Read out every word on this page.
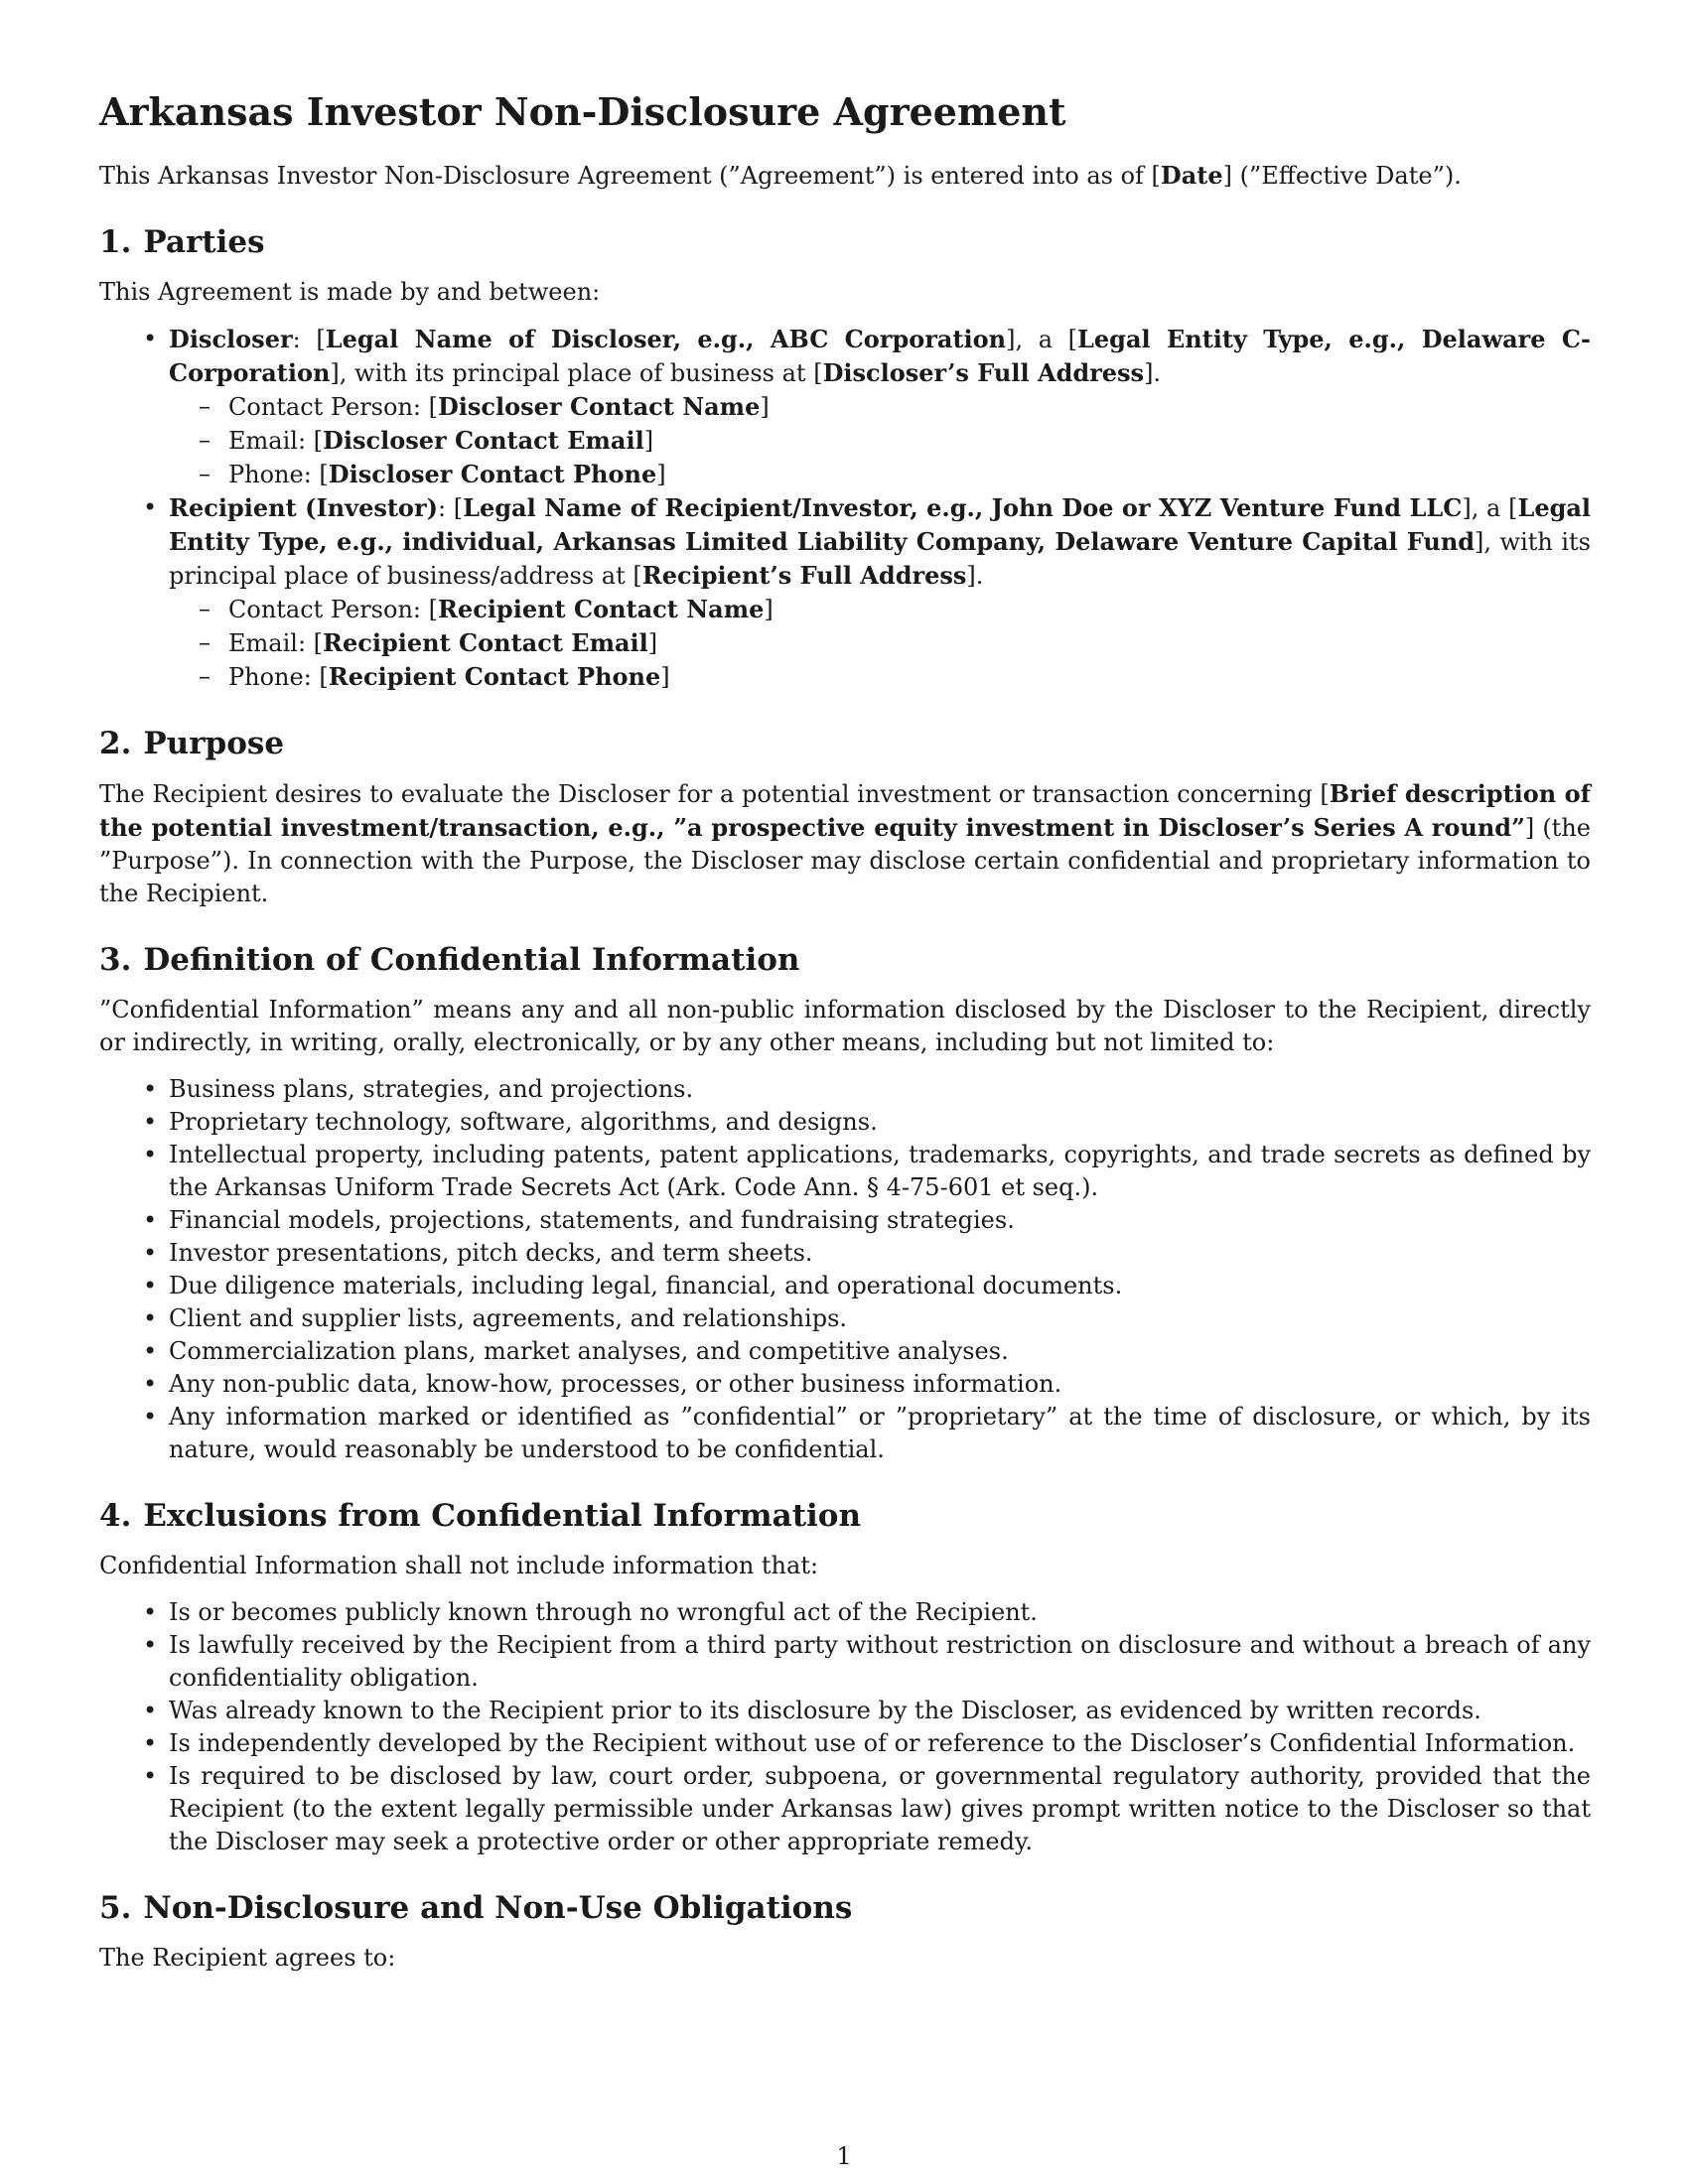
Arkansas Investor Non-Disclosure Agreement

This Arkansas Investor Non-Disclosure Agreement (”Agreement”) is entered into as of [Date] (”Effective Date”).

1. Parties

This Agreement is made by and between:

• Discloser: [Legal Name of Discloser, e.g., ABC Corporation], a [Legal Entity Type, e.g., Delaware C-Corporation], with its principal place of business at [Discloser’s Full Address].
– Contact Person: [Discloser Contact Name]
– Email: [Discloser Contact Email]
– Phone: [Discloser Contact Phone]
• Recipient (Investor): [Legal Name of Recipient/Investor, e.g., John Doe or XYZ Venture Fund LLC], a [Legal Entity Type, e.g., individual, Arkansas Limited Liability Company, Delaware Venture Capital Fund], with its principal place of business/address at [Recipient’s Full Address].
– Contact Person: [Recipient Contact Name]
– Email: [Recipient Contact Email]
– Phone: [Recipient Contact Phone]
2. Purpose

The Recipient desires to evaluate the Discloser for a potential investment or transaction concerning [Brief description of the potential investment/transaction, e.g., ”a prospective equity investment in Discloser’s Series A round”] (the ”Purpose”). In connection with the Purpose, the Discloser may disclose certain confidential and proprietary information to the Recipient.

3. Definition of Confidential Information

”Confidential Information” means any and all non-public information disclosed by the Discloser to the Recipient, directly or indirectly, in writing, orally, electronically, or by any other means, including but not limited to:

• Business plans, strategies, and projections.
• Proprietary technology, software, algorithms, and designs.
• Intellectual property, including patents, patent applications, trademarks, copyrights, and trade secrets as defined by the Arkansas Uniform Trade Secrets Act (Ark. Code Ann. § 4-75-601 et seq.).
• Financial models, projections, statements, and fundraising strategies.
• Investor presentations, pitch decks, and term sheets.
• Due diligence materials, including legal, financial, and operational documents.
• Client and supplier lists, agreements, and relationships.
• Commercialization plans, market analyses, and competitive analyses.
• Any non-public data, know-how, processes, or other business information.
• Any information marked or identified as ”confidential” or ”proprietary” at the time of disclosure, or which, by its nature, would reasonably be understood to be confidential.
4. Exclusions from Confidential Information

Confidential Information shall not include information that:

• Is or becomes publicly known through no wrongful act of the Recipient.
• Is lawfully received by the Recipient from a third party without restriction on disclosure and without a breach of any confidentiality obligation.
• Was already known to the Recipient prior to its disclosure by the Discloser, as evidenced by written records.
• Is independently developed by the Recipient without use of or reference to the Discloser’s Confidential Information.
• Is required to be disclosed by law, court order, subpoena, or governmental regulatory authority, provided that the Recipient (to the extent legally permissible under Arkansas law) gives prompt written notice to the Discloser so that the Discloser may seek a protective order or other appropriate remedy.
5. Non-Disclosure and Non-Use Obligations

The Recipient agrees to:

1
